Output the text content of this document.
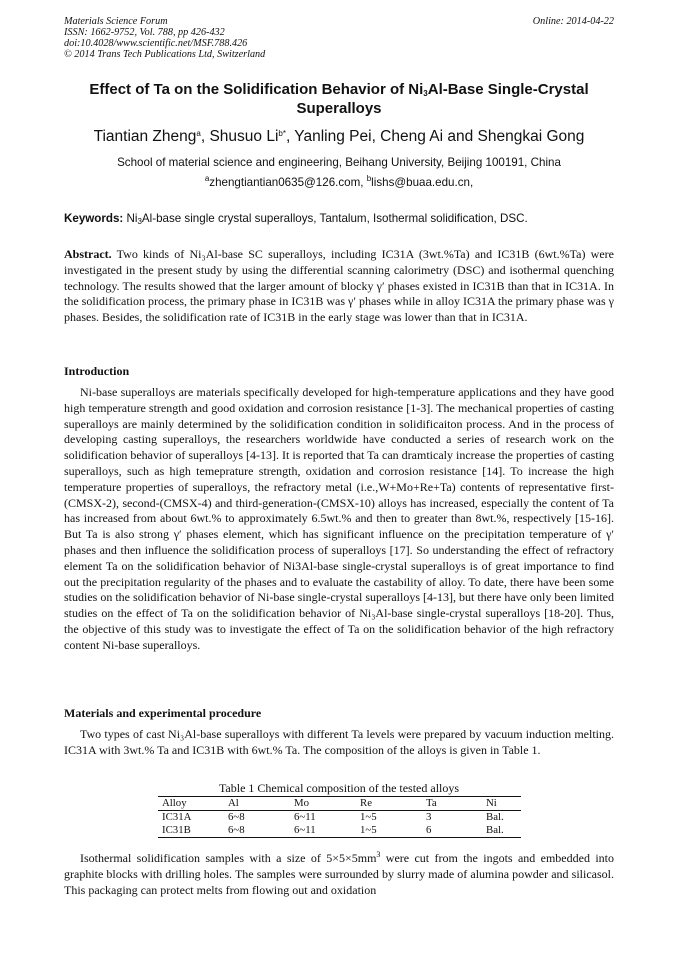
Materials Science Forum
ISSN: 1662-9752, Vol. 788, pp 426-432
doi:10.4028/www.scientific.net/MSF.788.426
© 2014 Trans Tech Publications Ltd, Switzerland
Online: 2014-04-22
Effect of Ta on the Solidification Behavior of $Ni_3Al$-Base Single-Crystal
Superalloys
Tiantian Zheng$^a$, Shusuo $Li^{b*}$, Yanling Pei, Cheng Ai and Shengkai Gong
School of material science and engineering, Beihang University, Beijing 100191, China
$^a$zhengtiantian0635@126.com, $^b$lishs@buaa.edu.cn,
Keywords: $Ni_3Al$-base single crystal superalloys, Tantalum, Isothermal solidification, DSC.
Abstract. Two kinds of Ni₃Al-base SC superalloys, including IC31A (3wt.%Ta) and IC31B (6wt.%Ta) were investigated in the present study by using the differential scanning calorimetry (DSC) and isothermal quenching technology. The results showed that the larger amount of blocky γ′ phases existed in IC31B than that in IC31A. In the solidification process, the primary phase in IC31B was γ′ phases while in alloy IC31A the primary phase was γ phases. Besides, the solidification rate of IC31B in the early stage was lower than that in IC31A.
Introduction
Ni-base superalloys are materials specifically developed for high-temperature applications and they have good high temperature strength and good oxidation and corrosion resistance [1-3]. The mechanical properties of casting superalloys are mainly determined by the solidification condition in solidificaiton process. And in the process of developing casting superalloys, the researchers worldwide have conducted a series of research work on the solidification behavior of superalloys [4-13]. It is reported that Ta can dramticaly increase the properties of casting superalloys, such as high temeprature strength, oxidation and corrosion resistance [14]. To increase the high temperature properties of superalloys, the refractory metal (i.e.,W+Mo+Re+Ta) contents of representative first-(CMSX-2), second-(CMSX-4) and third-generation-(CMSX-10) alloys has increased, especially the content of Ta has increased from about 6wt.% to approximately 6.5wt.% and then to greater than 8wt.%, respectively [15-16]. But Ta is also strong γ′ phases element, which has significant influence on the precipitation temperature of γ′ phases and then influence the solidification process of superalloys [17]. So understanding the effect of refractory element Ta on the solidification behavior of Ni3Al-base single-crystal superalloys is of great importance to find out the precipitation regularity of the phases and to evaluate the castability of alloy. To date, there have been some studies on the solidification behavior of Ni-base single-crystal superalloys [4-13], but there have only been limited studies on the effect of Ta on the solidification behavior of Ni₃Al-base single-crystal superalloys [18-20]. Thus, the objective of this study was to investigate the effect of Ta on the solidification behavior of the high refractory content Ni-base superalloys.
Materials and experimental procedure
Two types of cast Ni₃Al-base superalloys with different Ta levels were prepared by vacuum induction melting. IC31A with 3wt.% Ta and IC31B with 6wt.% Ta. The composition of the alloys is given in Table 1.
Table 1 Chemical composition of the tested alloys
Alloy	Al	Mo	Re	Ta	Ni
IC31A	6~8	6~11	1~5	3	Bal.
IC31B	6~8	6~11	1~5	6	Bal.
Isothermal solidification samples with a size of $5\times 5\times 5mm^3$ were cut from the ingots and embedded into graphite blocks with drilling holes. The samples were surrounded by slurry made of alumina powder and silicasol. This packaging can protect melts from flowing out and oxidation
